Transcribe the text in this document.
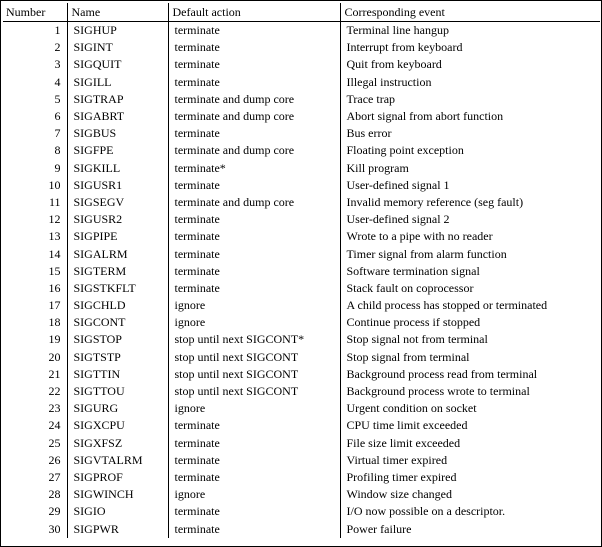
Number	Name	Default action	Corresponding event
1	SIGHUP	terminate	Terminal line hangup
2	SIGINT	terminate	Interrupt from keyboard
3	SIGQUIT	terminate	Quit from keyboard
4	SIGILL	terminate	Illegal instruction
5	SIGTRAP	terminate and dump core	Trace trap
6	SIGABRT	terminate and dump core	Abort signal from abort function
7	SIGBUS	terminate	Bus error
8	SIGFPE	terminate and dump core	Floating point exception
9	SIGKILL	terminate*	Kill program
10	SIGUSR1	terminate	User-defined signal 1
11	SIGSEGV	terminate and dump core	Invalid memory reference (seg fault)
12	SIGUSR2	terminate	User-defined signal 2
13	SIGPIPE	terminate	Wrote to a pipe with no reader
14	SIGALRM	terminate	Timer signal from alarm function
15	SIGTERM	terminate	Software termination signal
16	SIGSTKFLT	terminate	Stack fault on coprocessor
17	SIGCHLD	ignore	A child process has stopped or terminated
18	SIGCONT	ignore	Continue process if stopped
19	SIGSTOP	stop until next SIGCONT*	Stop signal not from terminal
20	SIGTSTP	stop until next SIGCONT	Stop signal from terminal
21	SIGTTIN	stop until next SIGCONT	Background process read from terminal
22	SIGTTOU	stop until next SIGCONT	Background process wrote to terminal
23	SIGURG	ignore	Urgent condition on socket
24	SIGXCPU	terminate	CPU time limit exceeded
25	SIGXFSZ	terminate	File size limit exceeded
26	SIGVTALRM	terminate	Virtual timer expired
27	SIGPROF	terminate	Profiling timer expired
28	SIGWINCH	ignore	Window size changed
29	SIGIO	terminate	I/O now possible on a descriptor.
30	SIGPWR	terminate	Power failure
